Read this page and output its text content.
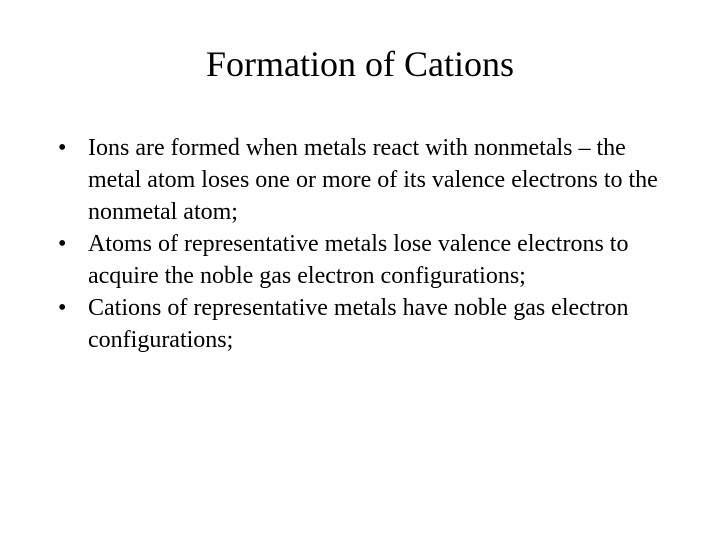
Formation of Cations
• Ions are formed when metals react with nonmetals – the metal atom loses one or more of its valence electrons to the nonmetal atom;
• Atoms of representative metals lose valence electrons to acquire the noble gas electron configurations;
• Cations of representative metals have noble gas electron configurations;
